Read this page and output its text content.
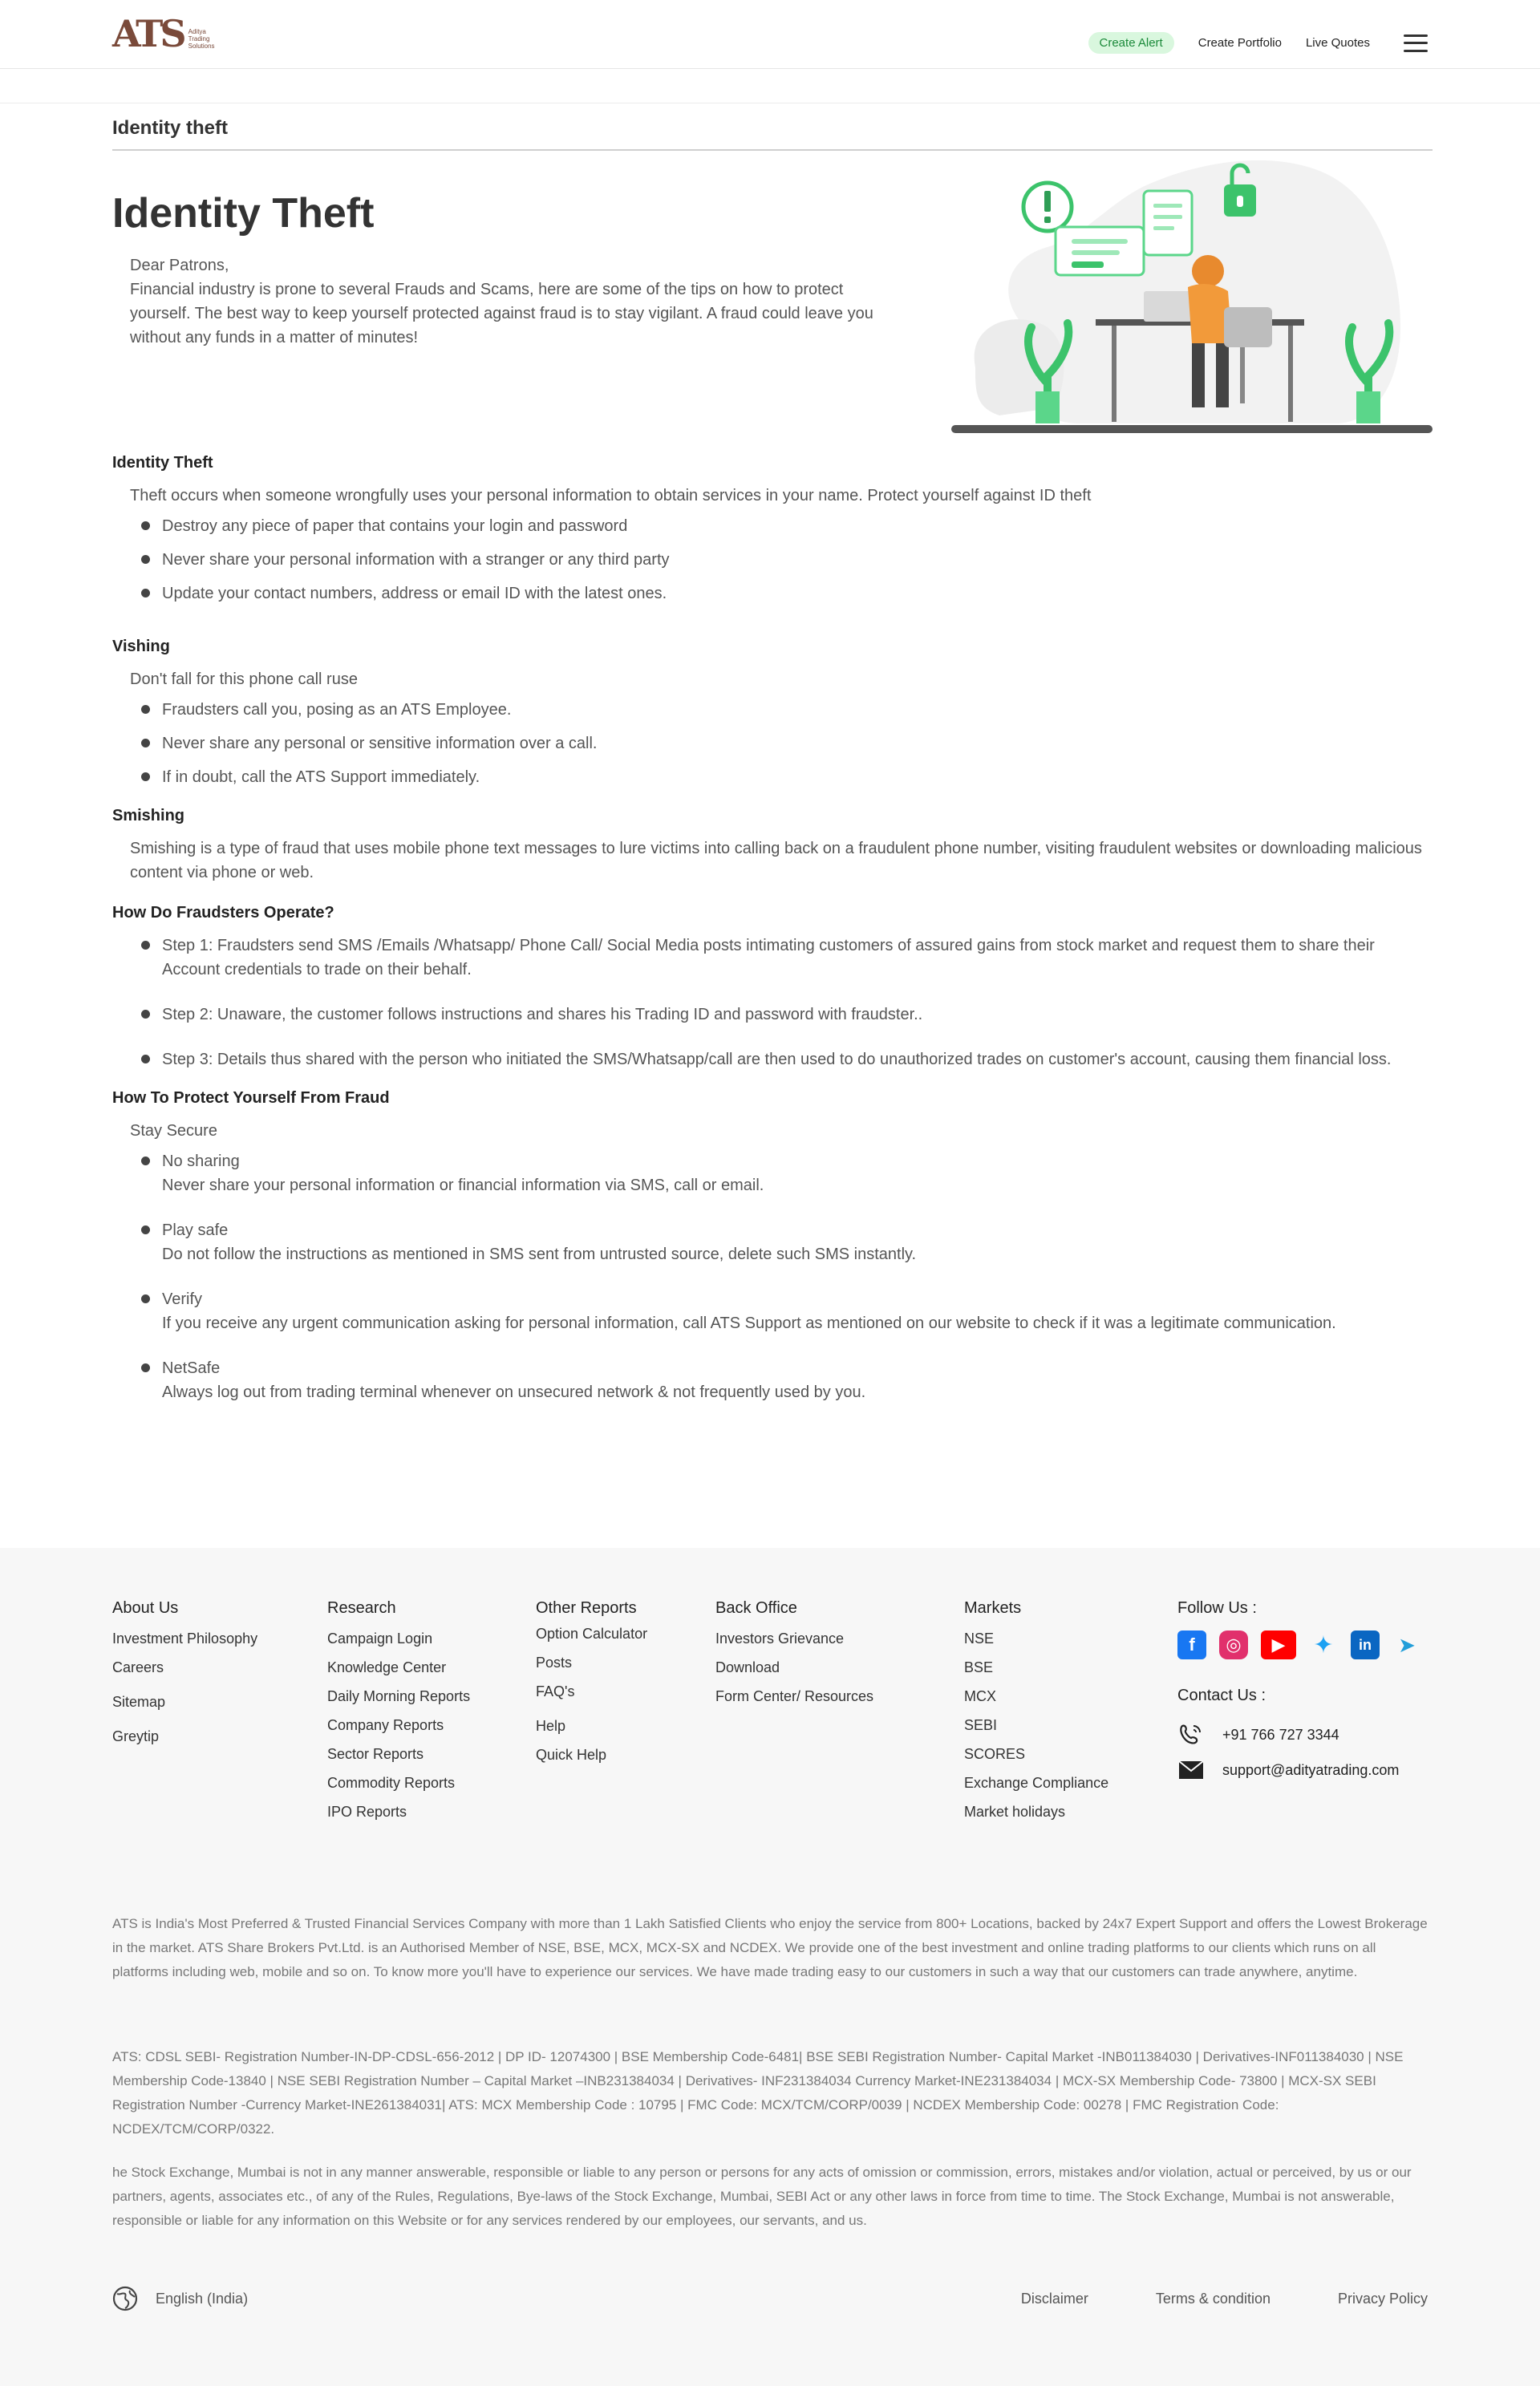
ATS Aditya
Trading
Solutions	Create Alert	Create Portfolio Live Quotes
Identity theft
Identity Theft
Dear Patrons,
Financial industry is prone to several Frauds and Scams, here are some of the tips on how to protect yourself. The best way to keep yourself protected against fraud is to stay vigilant. A fraud could leave you without any funds in a matter of minutes!
Identity Theft
Theft occurs when someone wrongfully uses your personal information to obtain services in your name. Protect yourself against ID theft
Destroy any piece of paper that contains your login and password
Never share your personal information with a stranger or any third party
Update your contact numbers, address or email ID with the latest ones.
Vishing
Don't fall for this phone call ruse
Fraudsters call you, posing as an ATS Employee.
Never share any personal or sensitive information over a call.
If in doubt, call the ATS Support immediately.
Smishing
Smishing is a type of fraud that uses mobile phone text messages to lure victims into calling back on a fraudulent phone number, visiting fraudulent websites or downloading malicious content via phone or web.
How Do Fraudsters Operate?
Step 1: Fraudsters send SMS /Emails /Whatsapp/ Phone Call/ Social Media posts intimating customers of assured gains from stock market and request them to share their Account credentials to trade on their behalf.
Step 2: Unaware, the customer follows instructions and shares his Trading ID and password with fraudster..
Step 3: Details thus shared with the person who initiated the SMS/Whatsapp/call are then used to do unauthorized trades on customer's account, causing them financial loss.
How To Protect Yourself From Fraud
Stay Secure
No sharing
Never share your personal information or financial information via SMS, call or email.
Play safe
Do not follow the instructions as mentioned in SMS sent from untrusted source, delete such SMS instantly.
Verify
If you receive any urgent communication asking for personal information, call ATS Support as mentioned on our website to check if it was a legitimate communication.
NetSafe
Always log out from trading terminal whenever on unsecured network & not frequently used by you.
About Us
Investment Philosophy
Careers
Sitemap
Greytip
Research
Campaign Login
Knowledge Center
Daily Morning Reports
Company Reports
Sector Reports
Commodity Reports
IPO Reports
Other Reports
Option Calculator
Posts
FAQ's
Help
Quick Help
Back Office
Investors Grievance
Download
Form Center/ Resources
Markets
NSE
BSE
MCX
SEBI
SCORES
Exchange Compliance
Market holidays
Follow Us :
f	◎	▶	✦	in	➤
Contact Us :
+91 766 727 3344
support@adityatrading.com
ATS is India's Most Preferred & Trusted Financial Services Company with more than 1 Lakh Satisfied Clients who enjoy the service from 800+ Locations, backed by 24x7 Expert Support and offers the Lowest Brokerage in the market. ATS Share Brokers Pvt.Ltd. is an Authorised Member of NSE, BSE, MCX, MCX-SX and NCDEX. We provide one of the best investment and online trading platforms to our clients which runs on all platforms including web, mobile and so on. To know more you'll have to experience our services. We have made trading easy to our customers in such a way that our customers can trade anywhere, anytime.
ATS: CDSL SEBI- Registration Number-IN-DP-CDSL-656-2012 | DP ID- 12074300 | BSE Membership Code-6481| BSE SEBI Registration Number- Capital Market -INB011384030 | Derivatives-INF011384030 | NSE Membership Code-13840 | NSE SEBI Registration Number – Capital Market –INB231384034 | Derivatives- INF231384034 Currency Market-INE231384034 | MCX-SX Membership Code- 73800 | MCX-SX SEBI Registration Number -Currency Market-INE261384031| ATS: MCX Membership Code : 10795 | FMC Code: MCX/TCM/CORP/0039 | NCDEX Membership Code: 00278 | FMC Registration Code: NCDEX/TCM/CORP/0322.
he Stock Exchange, Mumbai is not in any manner answerable, responsible or liable to any person or persons for any acts of omission or commission, errors, mistakes and/or violation, actual or perceived, by us or our partners, agents, associates etc., of any of the Rules, Regulations, Bye-laws of the Stock Exchange, Mumbai, SEBI Act or any other laws in force from time to time. The Stock Exchange, Mumbai is not answerable, responsible or liable for any information on this Website or for any services rendered by our employees, our servants, and us.
English (India)	Disclaimer	Terms & condition	Privacy Policy
